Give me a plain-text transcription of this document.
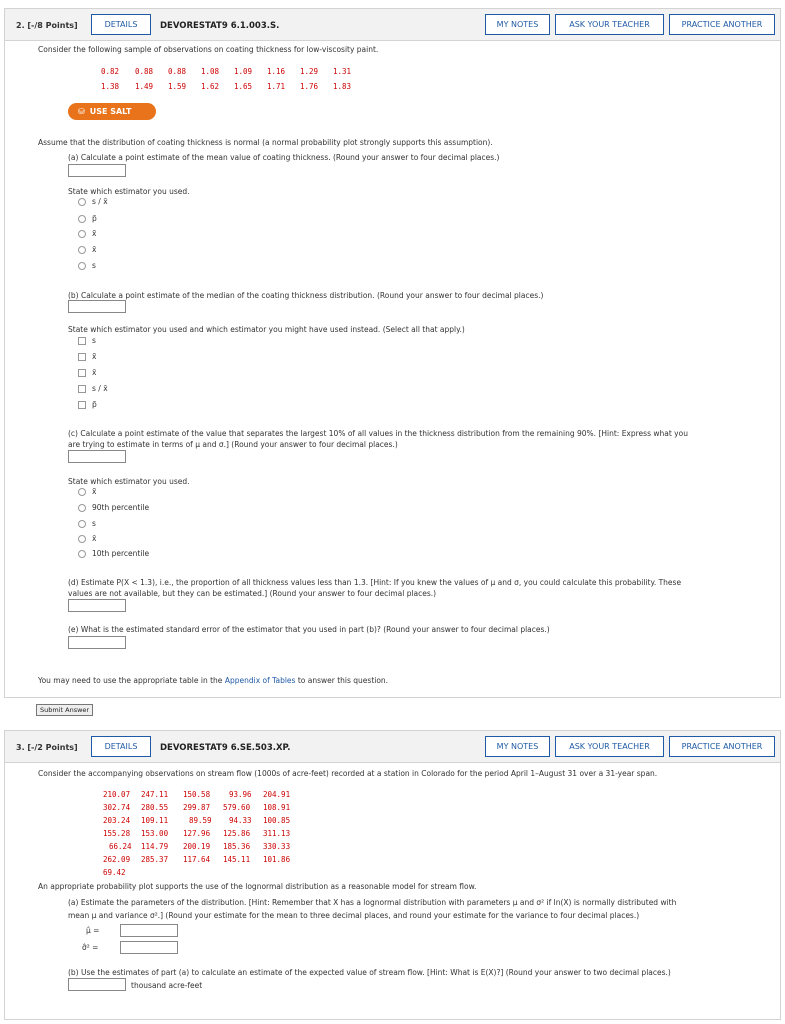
2. [-/8 Points]	DETAILS	DEVORESTAT9 6.1.003.S.	MY NOTES	ASK YOUR TEACHER	PRACTICE ANOTHER
Consider the following sample of observations on coating thickness for low-viscosity paint.
0.82 0.88 0.88 1.08 1.09 1.16 1.29 1.31
1.38 1.49 1.59 1.62 1.65 1.71 1.76 1.83
⛁ USE SALT
Assume that the distribution of coating thickness is normal (a normal probability plot strongly supports this assumption).
(a) Calculate a point estimate of the mean value of coating thickness. (Round your answer to four decimal places.)
State which estimator you used.
s / x̄
p̃
x̃
x̄
s
(b) Calculate a point estimate of the median of the coating thickness distribution. (Round your answer to four decimal places.)
State which estimator you used and which estimator you might have used instead. (Select all that apply.)
s
x̃
x̄
s / x̄
p̃
(c) Calculate a point estimate of the value that separates the largest 10% of all values in the thickness distribution from the remaining 90%. [Hint: Express what you
are trying to estimate in terms of μ and σ.] (Round your answer to four decimal places.)
State which estimator you used.
x̃
90th percentile
s
x̄
10th percentile
(d) Estimate P(X < 1.3), i.e., the proportion of all thickness values less than 1.3. [Hint: If you knew the values of μ and σ, you could calculate this probability. These
values are not available, but they can be estimated.] (Round your answer to four decimal places.)
(e) What is the estimated standard error of the estimator that you used in part (b)? (Round your answer to four decimal places.)
You may need to use the appropriate table in the Appendix of Tables to answer this question.
Submit Answer
3. [-/2 Points]	DETAILS	DEVORESTAT9 6.SE.503.XP.	MY NOTES	ASK YOUR TEACHER	PRACTICE ANOTHER
Consider the accompanying observations on stream flow (1000s of acre-feet) recorded at a station in Colorado for the period April 1–August 31 over a 31-year span.
210.07 247.11 150.58	93.96 204.91
302.74 280.55 299.87 579.60 108.91
203.24 109.11	89.59 94.33 100.85
155.28 153.00 127.96 125.86 311.13
66.24 114.79 200.19 185.36 330.33
262.09 285.37 117.64 145.11 101.86
69.42
An appropriate probability plot supports the use of the lognormal distribution as a reasonable model for stream flow.
(a) Estimate the parameters of the distribution. [Hint: Remember that X has a lognormal distribution with parameters μ and σ² if ln(X) is normally distributed with
mean μ and variance σ².] (Round your estimate for the mean to three decimal places, and round your estimate for the variance to four decimal places.)
μ̂ =
σ̂² =
(b) Use the estimates of part (a) to calculate an estimate of the expected value of stream flow. [Hint: What is E(X)?] (Round your answer to two decimal places.)
thousand acre-feet
